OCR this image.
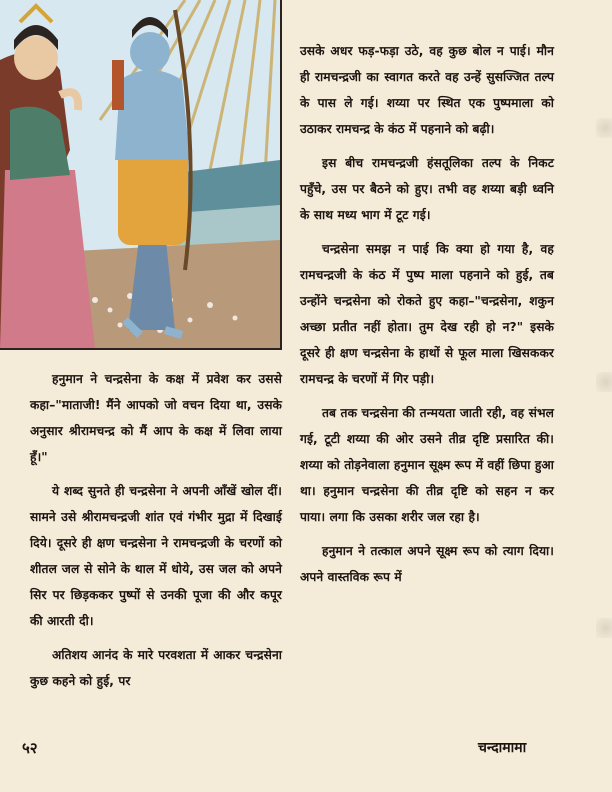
हनुमान ने चन्द्रसेना के कक्ष में प्रवेश कर उससे कहा–"माताजी! मैंने आपको जो वचन दिया था, उसके अनुसार श्रीरामचन्द्र को मैं आप के कक्ष में लिवा लाया हूँ।"

ये शब्द सुनते ही चन्द्रसेना ने अपनी आँखें खोल दीं। सामने उसे श्रीरामचन्द्रजी शांत एवं गंभीर मुद्रा में दिखाई दिये। दूसरे ही क्षण चन्द्रसेना ने रामचन्द्रजी के चरणों को शीतल जल से सोने के थाल में धोये, उस जल को अपने सिर पर छिड़ककर पुष्पों से उनकी पूजा की और कपूर की आरती दी।

अतिशय आनंद के मारे परवशता में आकर चन्द्रसेना कुछ कहने को हुई, पर

उसके अधर फड़-फड़ा उठे, वह कुछ बोल न पाई। मौन ही रामचन्द्रजी का स्वागत करते वह उन्हें सुसज्जित तल्प के पास ले गई। शय्या पर स्थित एक पुष्पमाला को उठाकर रामचन्द्र के कंठ में पहनाने को बढ़ी।

इस बीच रामचन्द्रजी हंसतूलिका तल्प के निकट पहुँचे, उस पर बैठने को हुए। तभी वह शय्या बड़ी ध्वनि के साथ मध्य भाग में टूट गई।

चन्द्रसेना समझ न पाई कि क्या हो गया है, वह रामचन्द्रजी के कंठ में पुष्प माला पहनाने को हुई, तब उन्होंने चन्द्रसेना को रोकते हुए कहा–"चन्द्रसेना, शकुन अच्छा प्रतीत नहीं होता। तुम देख रही हो न?" इसके दूसरे ही क्षण चन्द्रसेना के हाथों से फूल माला खिसककर रामचन्द्र के चरणों में गिर पड़ी।

तब तक चन्द्रसेना की तन्मयता जाती रही, वह संभल गई, टूटी शय्या की ओर उसने तीव्र दृष्टि प्रसारित की। शय्या को तोड़नेवाला हनुमान सूक्ष्म रूप में वहीं छिपा हुआ था। हनुमान चन्द्रसेना की तीव्र दृष्टि को सहन न कर पाया। लगा कि उसका शरीर जल रहा है।

हनुमान ने तत्काल अपने सूक्ष्म रूप को त्याग दिया। अपने वास्तविक रूप में

५२	चन्दामामा
